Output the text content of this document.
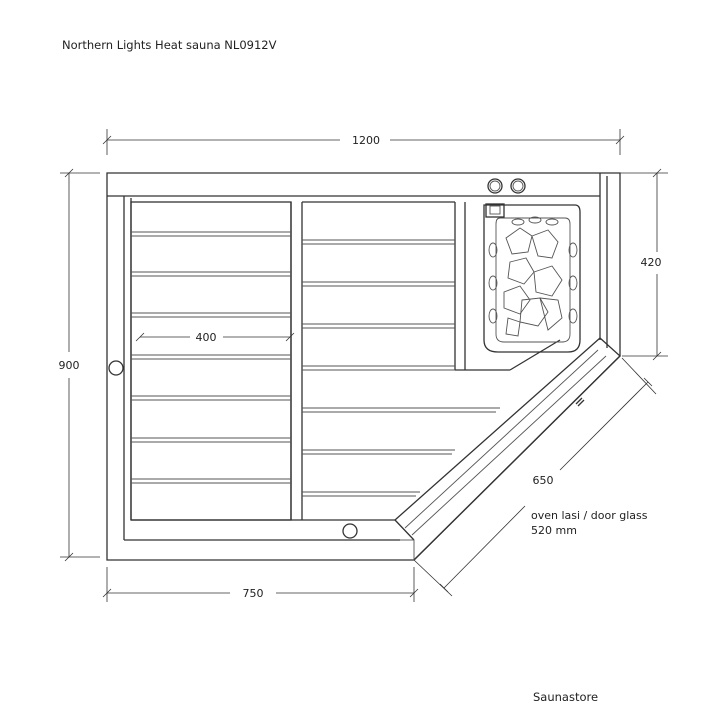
Northern Lights Heat sauna NL0912V
Saunastore
1200
900
420
750
650
400
oven lasi / door glass
520 mm
